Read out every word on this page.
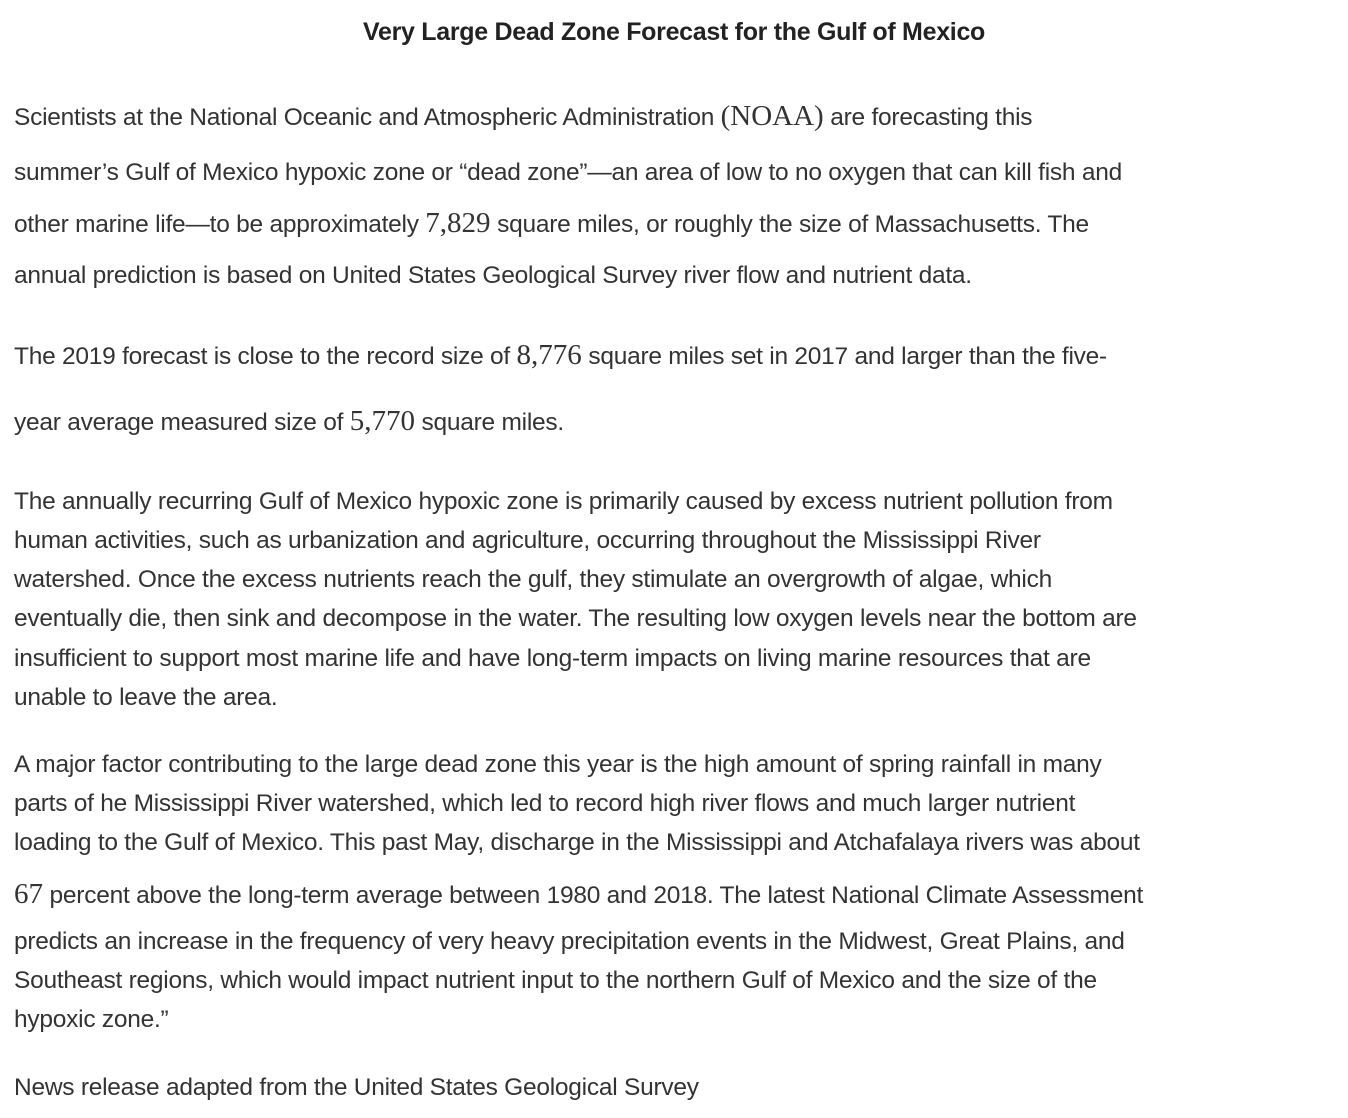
Very Large Dead Zone Forecast for the Gulf of Mexico
Scientists at the National Oceanic and Atmospheric Administration (NOAA) are forecasting this
summer’s Gulf of Mexico hypoxic zone or “dead zone”—an area of low to no oxygen that can kill fish and
other marine life—to be approximately 7,829 square miles, or roughly the size of Massachusetts. The
annual prediction is based on United States Geological Survey river flow and nutrient data.
The 2019 forecast is close to the record size of 8,776 square miles set in 2017 and larger than the five-
year average measured size of 5,770 square miles.
The annually recurring Gulf of Mexico hypoxic zone is primarily caused by excess nutrient pollution from
human activities, such as urbanization and agriculture, occurring throughout the Mississippi River
watershed. Once the excess nutrients reach the gulf, they stimulate an overgrowth of algae, which
eventually die, then sink and decompose in the water. The resulting low oxygen levels near the bottom are
insufficient to support most marine life and have long-term impacts on living marine resources that are
unable to leave the area.
A major factor contributing to the large dead zone this year is the high amount of spring rainfall in many
parts of he Mississippi River watershed, which led to record high river flows and much larger nutrient
loading to the Gulf of Mexico. This past May, discharge in the Mississippi and Atchafalaya rivers was about
67 percent above the long-term average between 1980 and 2018. The latest National Climate Assessment
predicts an increase in the frequency of very heavy precipitation events in the Midwest, Great Plains, and
Southeast regions, which would impact nutrient input to the northern Gulf of Mexico and the size of the
hypoxic zone.”
News release adapted from the United States Geological Survey
